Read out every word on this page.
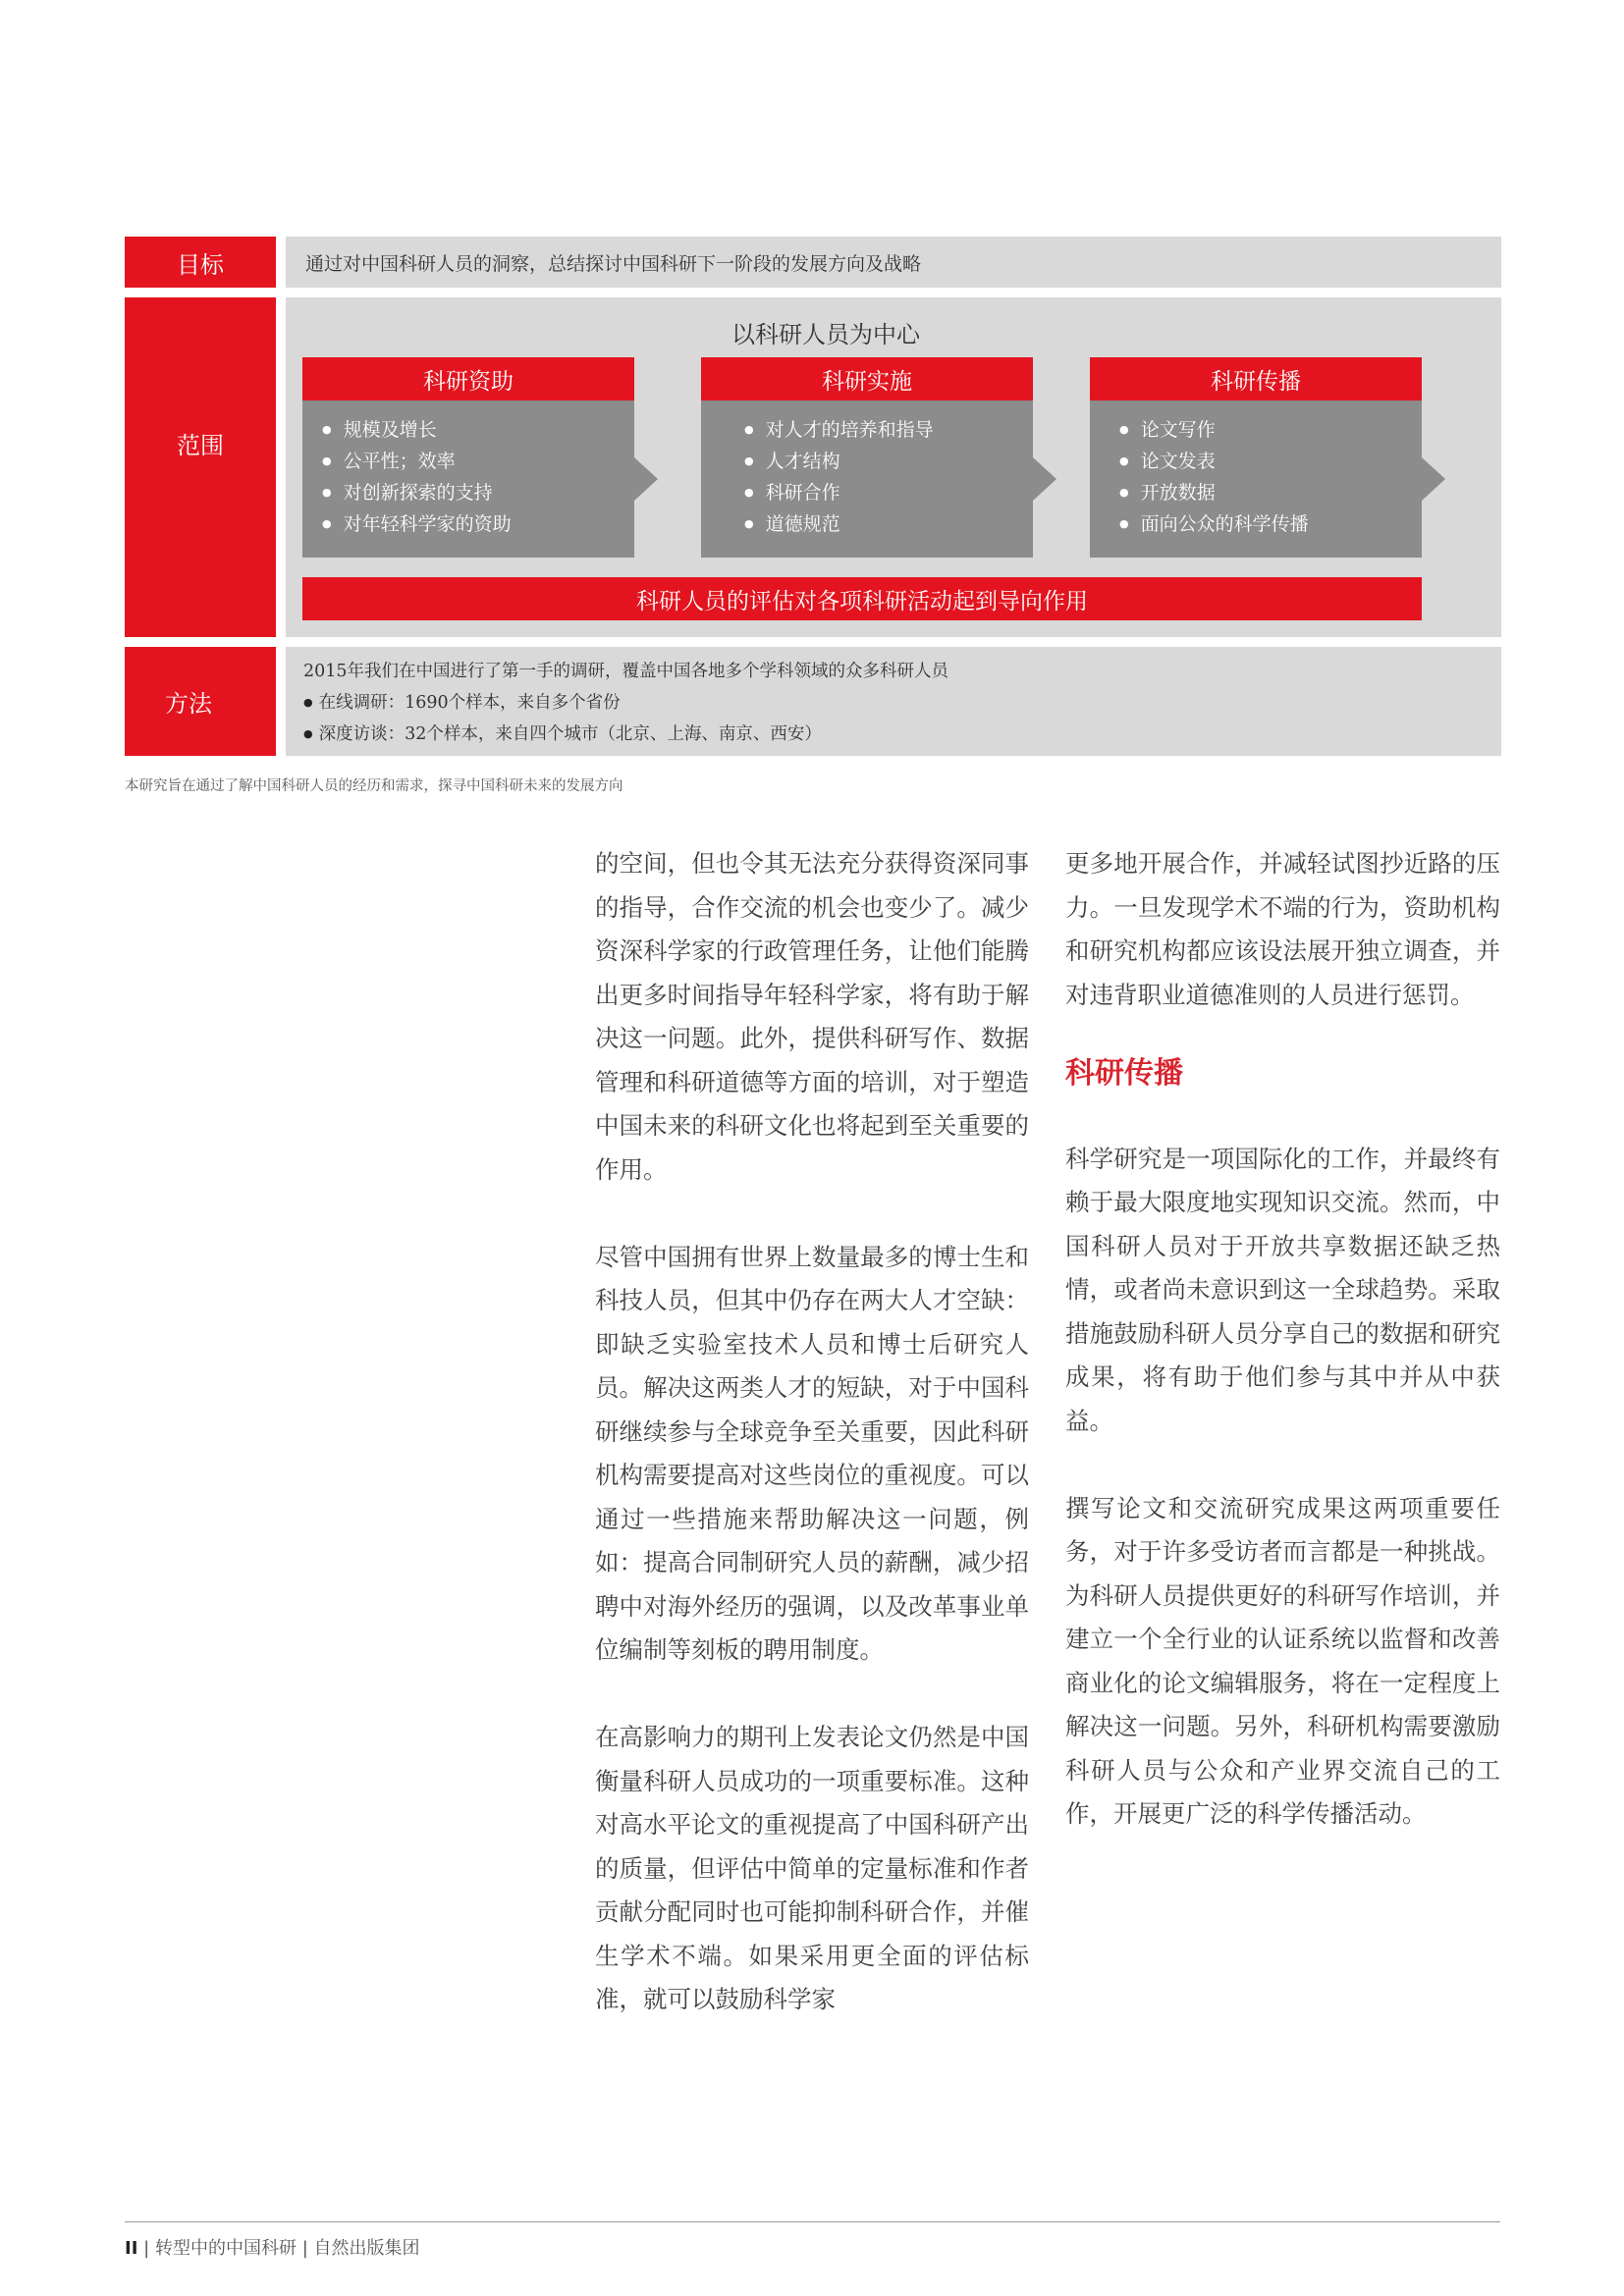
目标	通过对中国科研人员的洞察，总结探讨中国科研下一阶段的发展方向及战略
范围
以科研人员为中心
科研资助
● 规模及增长
● 公平性；效率
● 对创新探索的支持
● 对年轻科学家的资助
科研实施
● 对人才的培养和指导
● 人才结构
● 科研合作
● 道德规范
科研传播
● 论文写作
● 论文发表
● 开放数据
● 面向公众的科学传播
科研人员的评估对各项科研活动起到导向作用
方法
2015年我们在中国进行了第一手的调研，覆盖中国各地多个学科领域的众多科研人员
● 在线调研：1690个样本，来自多个省份
● 深度访谈：32个样本，来自四个城市（北京、上海、南京、西安）
本研究旨在通过了解中国科研人员的经历和需求，探寻中国科研未来的发展方向

的空间，但也令其无法充分获得资深同事的指导，合作交流的机会也变少了。减少资深科学家的行政管理任务，让他们能腾出更多时间指导年轻科学家，将有助于解决这一问题。此外，提供科研写作、数据管理和科研道德等方面的培训，对于塑造中国未来的科研文化也将起到至关重要的作用。

尽管中国拥有世界上数量最多的博士生和科技人员，但其中仍存在两大人才空缺：即缺乏实验室技术人员和博士后研究人员。解决这两类人才的短缺，对于中国科研继续参与全球竞争至关重要，因此科研机构需要提高对这些岗位的重视度。可以通过一些措施来帮助解决这一问题，例如：提高合同制研究人员的薪酬，减少招聘中对海外经历的强调，以及改革事业单位编制等刻板的聘用制度。

在高影响力的期刊上发表论文仍然是中国衡量科研人员成功的一项重要标准。这种对高水平论文的重视提高了中国科研产出的质量，但评估中简单的定量标准和作者贡献分配同时也可能抑制科研合作，并催生学术不端。如果采用更全面的评估标准，就可以鼓励科学家

更多地开展合作，并减轻试图抄近路的压力。一旦发现学术不端的行为，资助机构和研究机构都应该设法展开独立调查，并对违背职业道德准则的人员进行惩罚。

科研传播

科学研究是一项国际化的工作，并最终有赖于最大限度地实现知识交流。然而，中国科研人员对于开放共享数据还缺乏热情，或者尚未意识到这一全球趋势。采取措施鼓励科研人员分享自己的数据和研究成果，将有助于他们参与其中并从中获益。

撰写论文和交流研究成果这两项重要任务，对于许多受访者而言都是一种挑战。为科研人员提供更好的科研写作培训，并建立一个全行业的认证系统以监督和改善商业化的论文编辑服务，将在一定程度上解决这一问题。另外，科研机构需要激励科研人员与公众和产业界交流自己的工作，开展更广泛的科学传播活动。

II | 转型中的中国科研 | 自然出版集团
